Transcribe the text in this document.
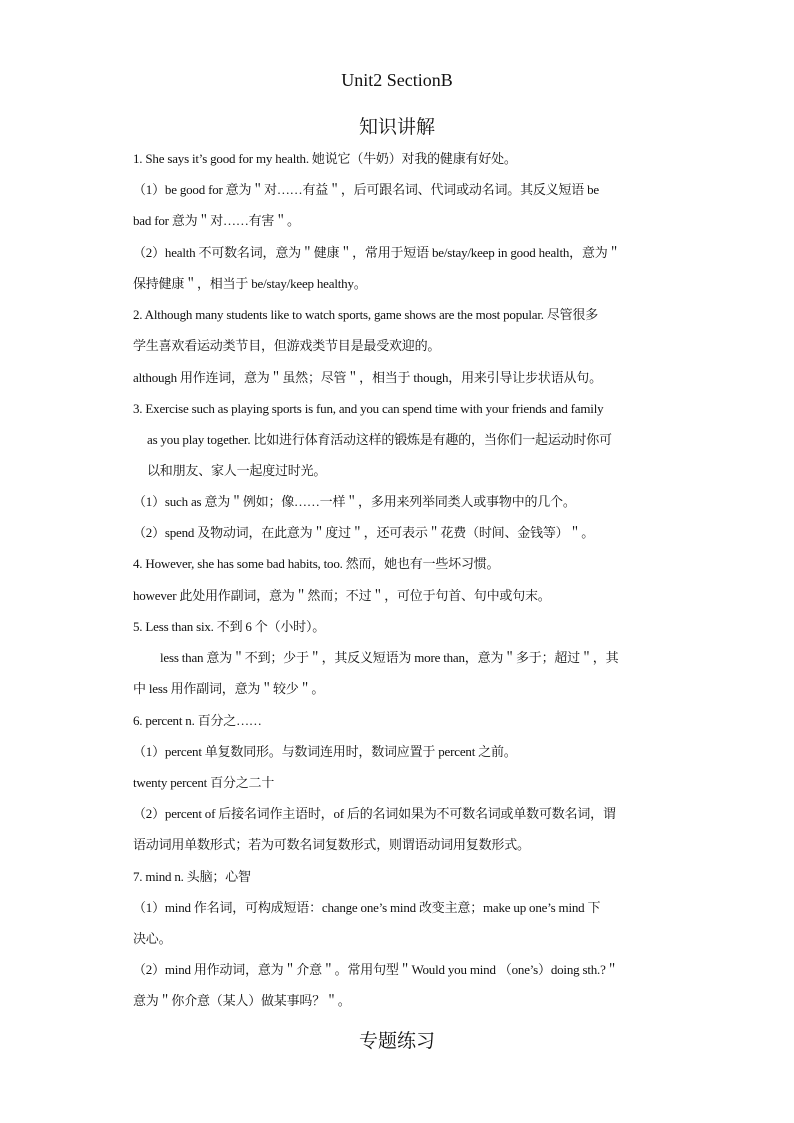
Unit2 SectionB
知识讲解
1. She says it’s good for my health. 她说它（牛奶）对我的健康有好处。
（1）be good for 意为＂对……有益＂，后可跟名词、代词或动名词。其反义短语 be
bad for 意为＂对……有害＂。
（2）health 不可数名词，意为＂健康＂，常用于短语 be/stay/keep in good health，意为＂
保持健康＂，相当于 be/stay/keep healthy。
2. Although many students like to watch sports, game shows are the most popular. 尽管很多
学生喜欢看运动类节目，但游戏类节目是最受欢迎的。
although 用作连词，意为＂虽然；尽管＂，相当于 though，用来引导让步状语从句。
3. Exercise such as playing sports is fun, and you can spend time with your friends and family
as you play together. 比如进行体育活动这样的锻炼是有趣的，当你们一起运动时你可
以和朋友、家人一起度过时光。
（1）such as 意为＂例如；像……一样＂，多用来列举同类人或事物中的几个。
（2）spend 及物动词，在此意为＂度过＂，还可表示＂花费（时间、金钱等）＂。
4. However, she has some bad habits, too. 然而，她也有一些坏习惯。
however 此处用作副词，意为＂然而；不过＂，可位于句首、句中或句末。
5. Less than six. 不到 6 个（小时）。
less than 意为＂不到；少于＂，其反义短语为 more than，意为＂多于；超过＂，其
中 less 用作副词，意为＂较少＂。
6. percent n. 百分之……
（1）percent 单复数同形。与数词连用时，数词应置于 percent 之前。
twenty percent 百分之二十
（2）percent of 后接名词作主语时，of 后的名词如果为不可数名词或单数可数名词，谓
语动词用单数形式；若为可数名词复数形式，则谓语动词用复数形式。
7. mind n. 头脑；心智
（1）mind 作名词，可构成短语：change one’s mind 改变主意；make up one’s mind 下
决心。
（2）mind 用作动词，意为＂介意＂。常用句型＂Would you mind （one’s）doing sth.?＂
意为＂你介意（某人）做某事吗？＂。
专题练习
